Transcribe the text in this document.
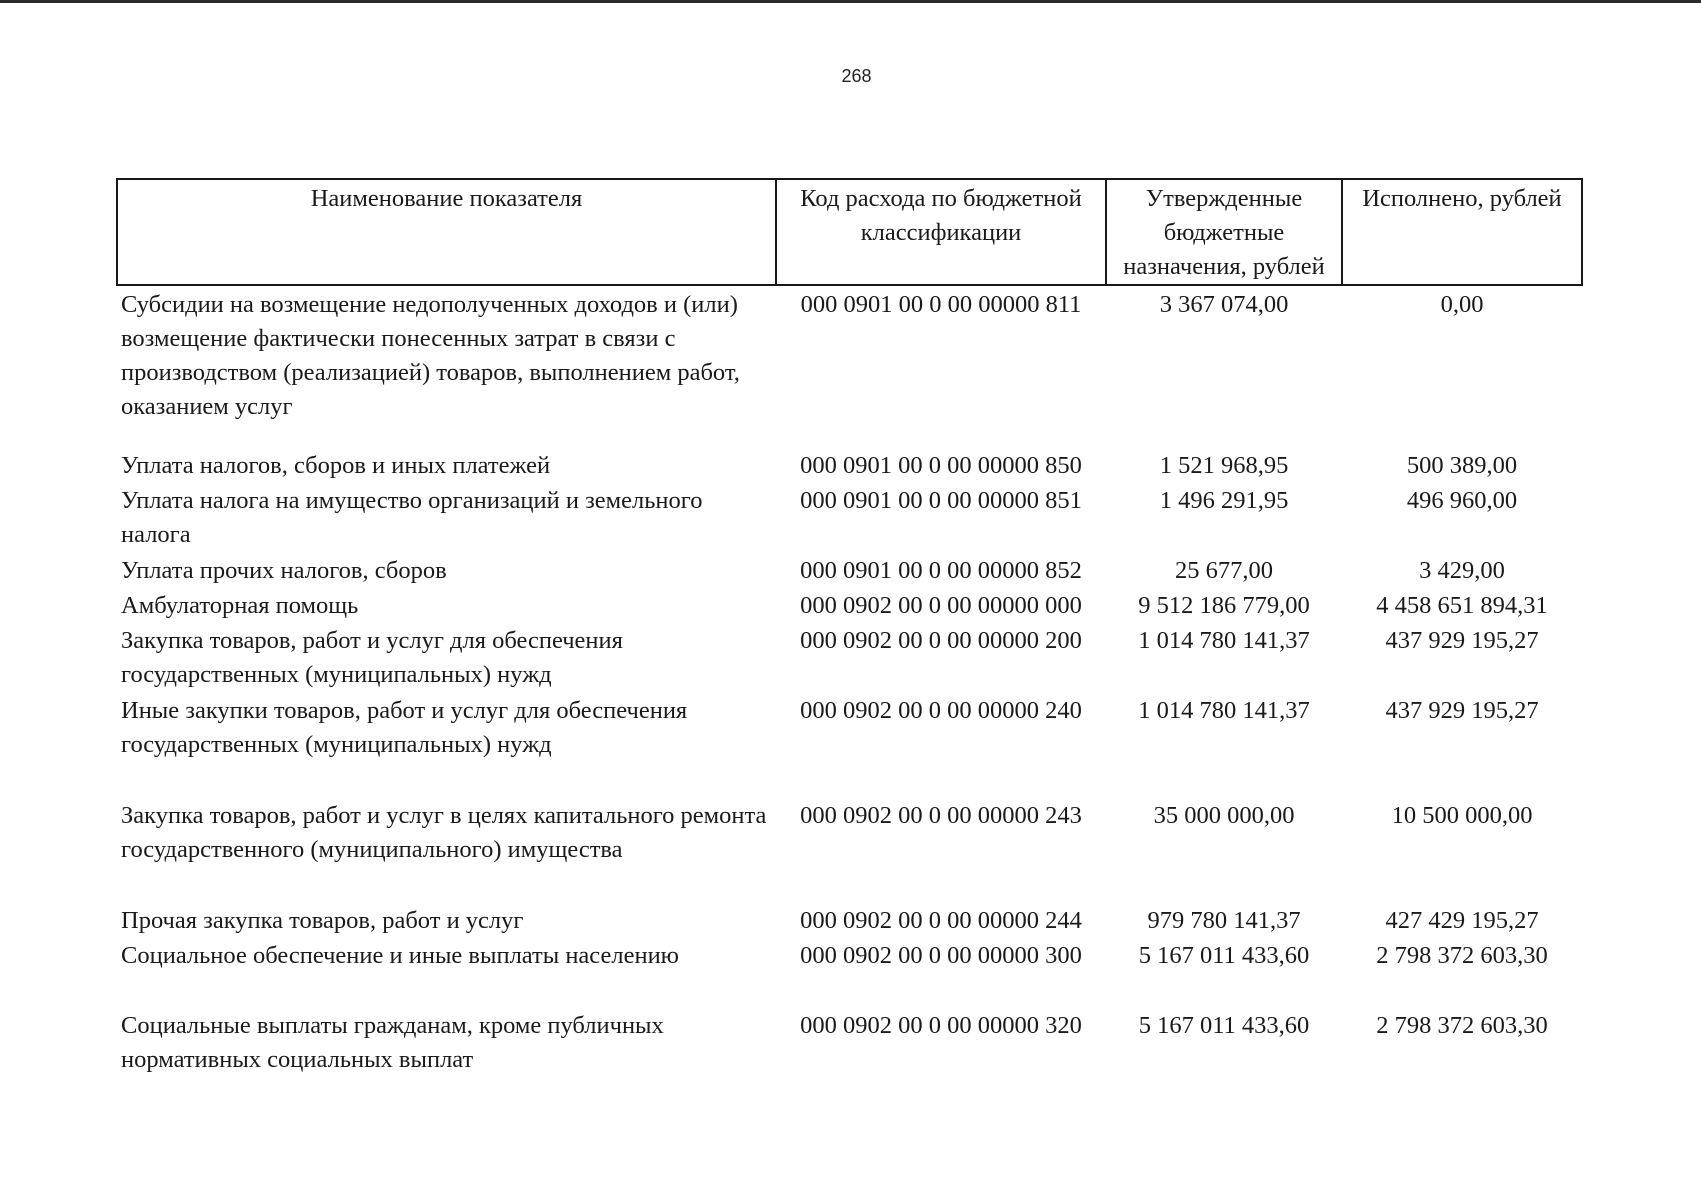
268
Наименование показателя	Код расхода по бюджетной классификации	Утвержденные бюджетные назначения, рублей	Исполнено, рублей
Субсидии на возмещение недополученных доходов и (или) возмещение фактически понесенных затрат в связи с производством (реализацией) товаров, выполнением работ, оказанием услуг	000 0901 00 0 00 00000 811	3 367 074,00	0,00
Уплата налогов, сборов и иных платежей	000 0901 00 0 00 00000 850	1 521 968,95	500 389,00
Уплата налога на имущество организаций и земельного налога	000 0901 00 0 00 00000 851	1 496 291,95	496 960,00
Уплата прочих налогов, сборов	000 0901 00 0 00 00000 852	25 677,00	3 429,00
Амбулаторная помощь	000 0902 00 0 00 00000 000	9 512 186 779,00	4 458 651 894,31
Закупка товаров, работ и услуг для обеспечения государственных (муниципальных) нужд	000 0902 00 0 00 00000 200	1 014 780 141,37	437 929 195,27
Иные закупки товаров, работ и услуг для обеспечения государственных (муниципальных) нужд	000 0902 00 0 00 00000 240	1 014 780 141,37	437 929 195,27
Закупка товаров, работ и услуг в целях капитального ремонта государственного (муниципального) имущества	000 0902 00 0 00 00000 243	35 000 000,00	10 500 000,00
Прочая закупка товаров, работ и услуг	000 0902 00 0 00 00000 244	979 780 141,37	427 429 195,27
Социальное обеспечение и иные выплаты населению	000 0902 00 0 00 00000 300	5 167 011 433,60	2 798 372 603,30
Социальные выплаты гражданам, кроме публичных нормативных социальных выплат	000 0902 00 0 00 00000 320	5 167 011 433,60	2 798 372 603,30
